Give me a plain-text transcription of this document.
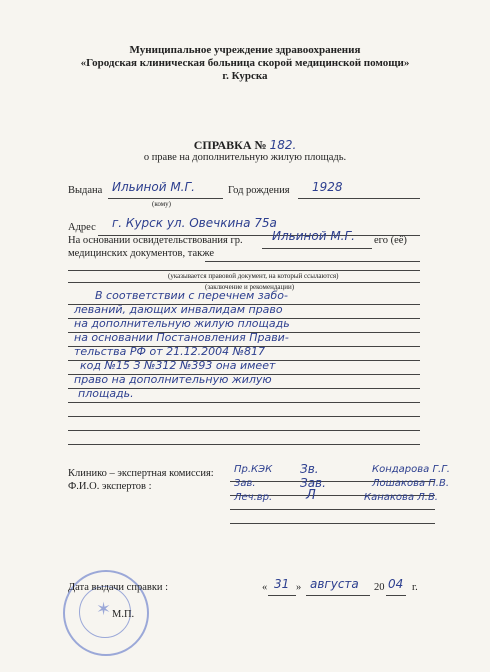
Муниципальное учреждение здравоохранения
«Городская клиническая больница скорой медицинской помощи»
г. Курска
СПРАВКА № 182.
о праве на дополнительную жилую площадь.
Выдана Ильиной М.Г.	Год рождения 1928
(кому)
Адрес г. Курск ул. Овечкина 75а
На основании освидетельствования гр. Ильиной М.Г. его (её)
медицинских документов, также
(указывается правовой документ, на который ссылаются)
(заключение и рекомендации)
В соответствии с перечнем забо-
леваний, дающих инвалидам право
на дополнительную жилую площадь
на основании Постановления Прави-
тельства РФ от 21.12.2004 №817
код №15 З №312 №393 она имеет
право на дополнительную жилую
площадь.
Клинико – экспертная комиссия:
Ф.И.О. экспертов :
Пр.КЭК Зв.	Кондарова Г.Г.
Зав.	Зав.	Лошакова П.В.
Леч.вр.	Л	Канакова Л.В.
✶
Дата выдачи справки :	« 31 » августа 20 04 г.
М.П.
